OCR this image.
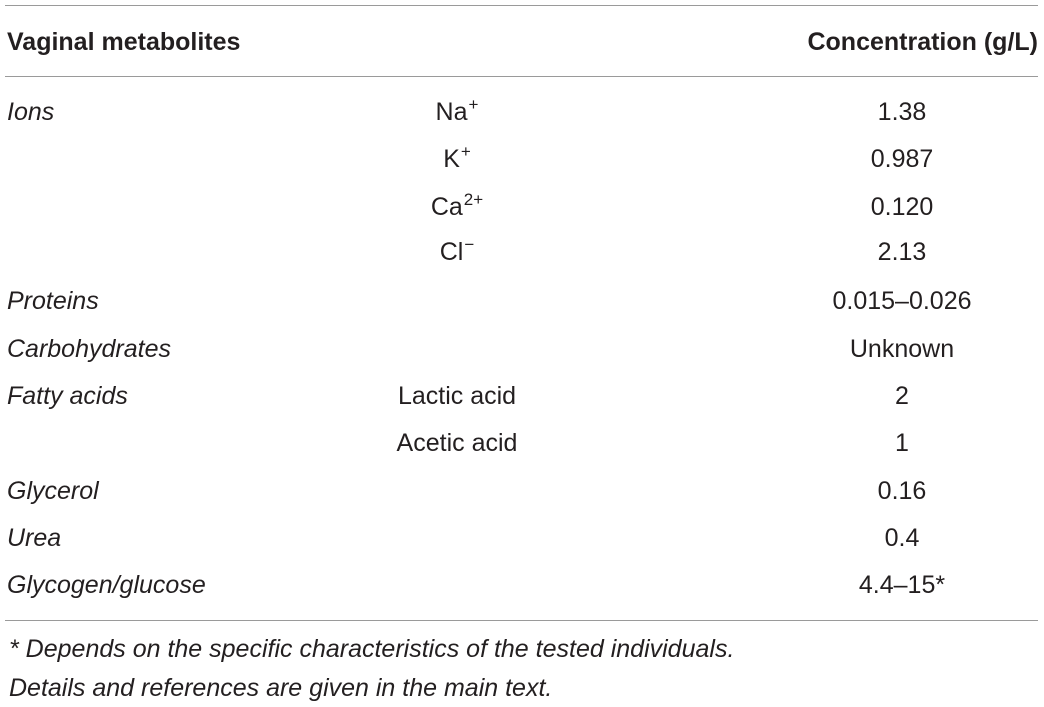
Vaginal metabolites	Concentration (g/L)
Ions	Na+	1.38
K+	0.987
$Ca^{2+}$	0.120
Cl−	2.13
Proteins	0.015–0.026
Carbohydrates	Unknown
Fatty acids	Lactic acid	2
Acetic acid	1
Glycerol	0.16
Urea	0.4
Glycogen/glucose	4.4–15*
* Depends on the specific characteristics of the tested individuals.
Details and references are given in the main text.
